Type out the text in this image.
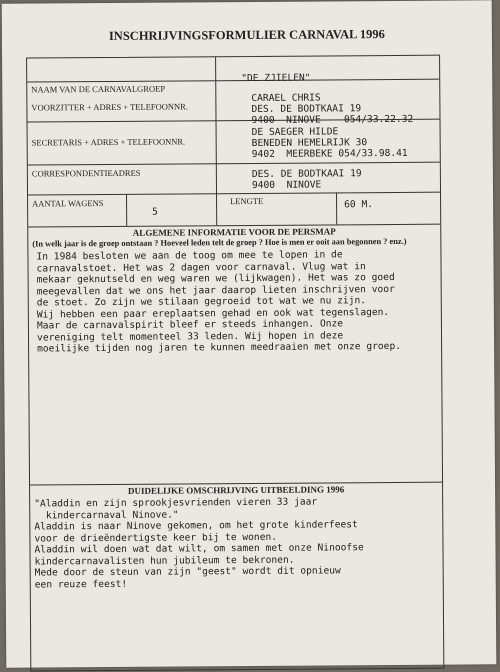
INSCHRIJVINGSFORMULIER CARNAVAL 1996
NAAM VAN DE CARNAVALGROEP
"DE ZJIELEN"
VOORZITTER + ADRES + TELEFOONNR.
CARAEL CHRIS
DES. DE BODTKAAI 19
9400  NINOVE    054/33.22.32
SECRETARIS + ADRES + TELEFOONNR.
DE SAEGER HILDE
BENEDEN HEMELRIJK 30
9402  MEERBEKE 054/33.98.41
CORRESPONDENTIEADRES	DES. DE BODTKAAI 19
9400  NINOVE
AANTAL WAGENS
5
LENGTE	60 M.
ALGEMENE INFORMATIE VOOR DE PERSMAP
(In welk jaar is de groep ontstaan ? Hoeveel leden telt de groep ? Hoe is men er ooit aan begonnen ? enz.)
In 1984 besloten we aan de toog om mee te lopen in de
carnavalstoet. Het was 2 dagen voor carnaval. Vlug wat in
mekaar geknutseld en weg waren we (lijkwagen). Het was zo goed
meegevallen dat we ons het jaar daarop lieten inschrijven voor
de stoet. Zo zijn we stilaan gegroeid tot wat we nu zijn.
Wij hebben een paar ereplaatsen gehad en ook wat tegenslagen.
Maar de carnavalspirit bleef er steeds inhangen. Onze
vereniging telt momenteel 33 leden. Wij hopen in deze
moeilijke tijden nog jaren te kunnen meedraaien met onze groep.
DUIDELIJKE OMSCHRIJVING UITBEELDING 1996
"Aladdin en zijn sprookjesvrienden vieren 33 jaar
kindercarnaval Ninove."
Aladdin is naar Ninove gekomen, om het grote kinderfeest
voor de drieëndertigste keer bij te wonen.
Aladdin wil doen wat dat wilt, om samen met onze Ninoofse
kindercarnavalisten hun jubileum te bekronen.
Mede door de steun van zijn "geest" wordt dit opnieuw
een reuze feest!
